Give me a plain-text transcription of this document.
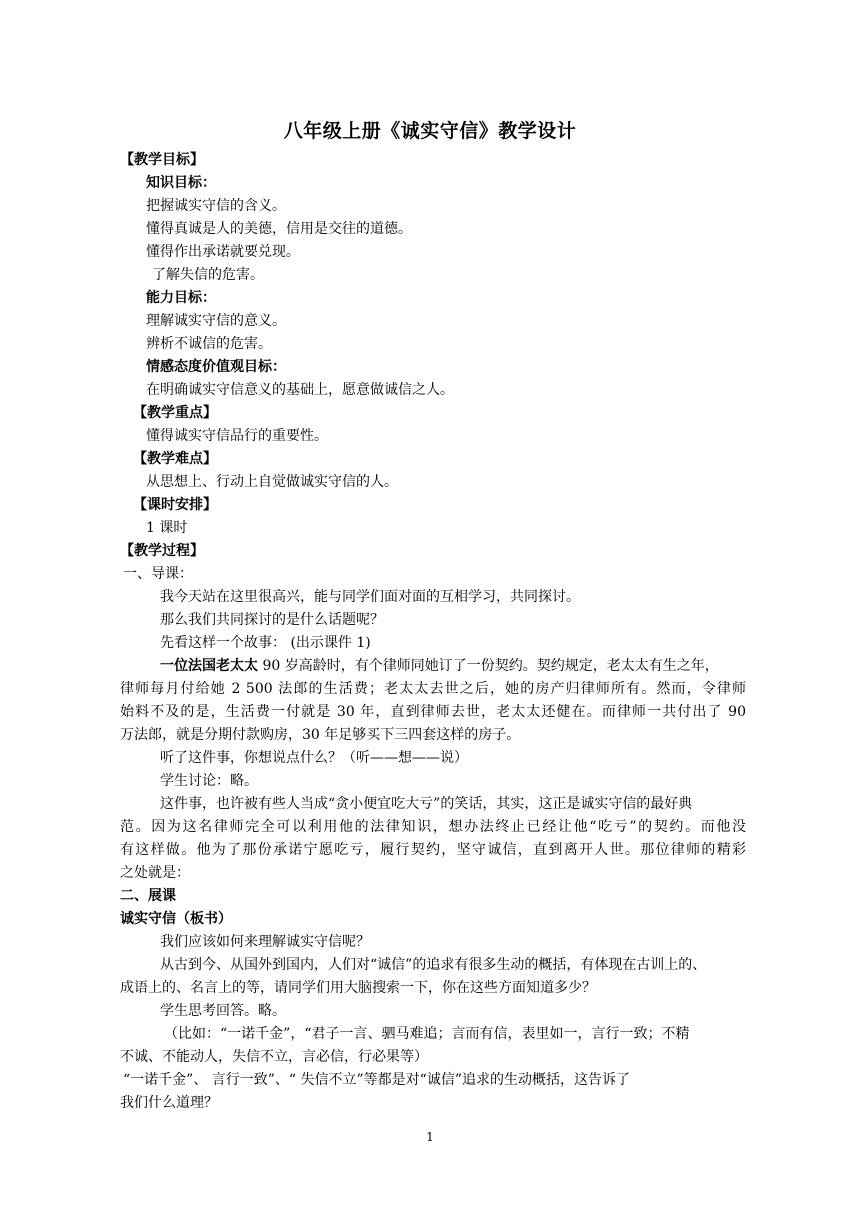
八年级上册《诚实守信》教学设计
【教学目标】
知识目标：
把握诚实守信的含义。
懂得真诚是人的美德，信用是交往的道德。
懂得作出承诺就要兑现。
了解失信的危害。
能力目标：
理解诚实守信的意义。
辨析不诚信的危害。
情感态度价值观目标：
在明确诚实守信意义的基础上，愿意做诚信之人。
【教学重点】
懂得诚实守信品行的重要性。
【教学难点】
从思想上、行动上自觉做诚实守信的人。
【课时安排】
1 课时
【教学过程】
一、导课：
我今天站在这里很高兴，能与同学们面对面的互相学习，共同探讨。
那么我们共同探讨的是什么话题呢？
先看这样一个故事： (出示课件 1)
一位法国老太太 90 岁高龄时，有个律师同她订了一份契约。契约规定，老太太有生之年，
律师每月付给她 2 500 法郎的生活费；老太太去世之后，她的房产归律师所有。然而，令律师
始料不及的是，生活费一付就是 30 年，直到律师去世，老太太还健在。而律师一共付出了 90
万法郎，就是分期付款购房，30 年足够买下三四套这样的房子。
听了这件事，你想说点什么？（听——想——说）
学生讨论：略。
这件事，也许被有些人当成“贪小便宜吃大亏”的笑话，其实，这正是诚实守信的最好典
范。因为这名律师完全可以利用他的法律知识，想办法终止已经让他“吃亏”的契约。而他没
有这样做。他为了那份承诺宁愿吃亏，履行契约，坚守诚信，直到离开人世。那位律师的精彩
之处就是：
二、展课
诚实守信（板书）
我们应该如何来理解诚实守信呢？
从古到今、从国外到国内，人们对“诚信”的追求有很多生动的概括，有体现在古训上的、
成语上的、名言上的等，请同学们用大脑搜索一下，你在这些方面知道多少？
学生思考回答。略。
（比如：“一诺千金”，“君子一言、驷马难追；言而有信，表里如一，言行一致；不精
不诚、不能动人，失信不立，言必信，行必果等）
“一诺千金”、 言行一致”、“ 失信不立”等都是对“诚信”追求的生动概括，这告诉了
我们什么道理？
1
